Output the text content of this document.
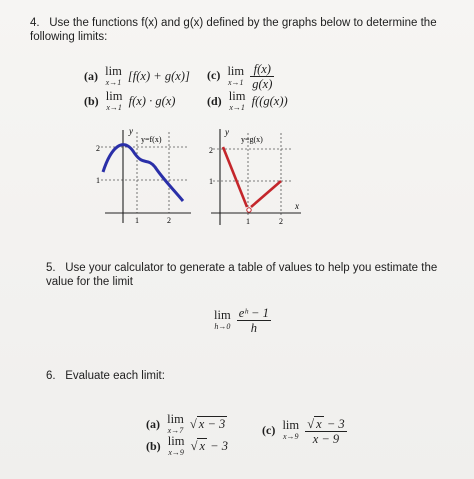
4. Use the functions f(x) and g(x) defined by the graphs below to determine the following limits:
(a) lim
x→1 [f(x) + g(x)]
(b) lim
x→1 f(x) · g(x)
(c) lim
x→1
$\frac{f(x)}{g(x)}$
(d) lim
x→1 f((g(x))
y
y=f(x)
2
1
1	2
y
y=g(x)
2
1
1	2
x
5. Use your calculator to generate a table of values to help you estimate the value for the limit
lim
h→0
$\frac{\text{eʰ − 1}}{h}$
6. Evaluate each limit:
(a) lim
x→7 √ x − 3
(b) lim
x→9 √ x − 3
(c) lim
x→9
$\frac{√ x - 3}{x - 9}$
